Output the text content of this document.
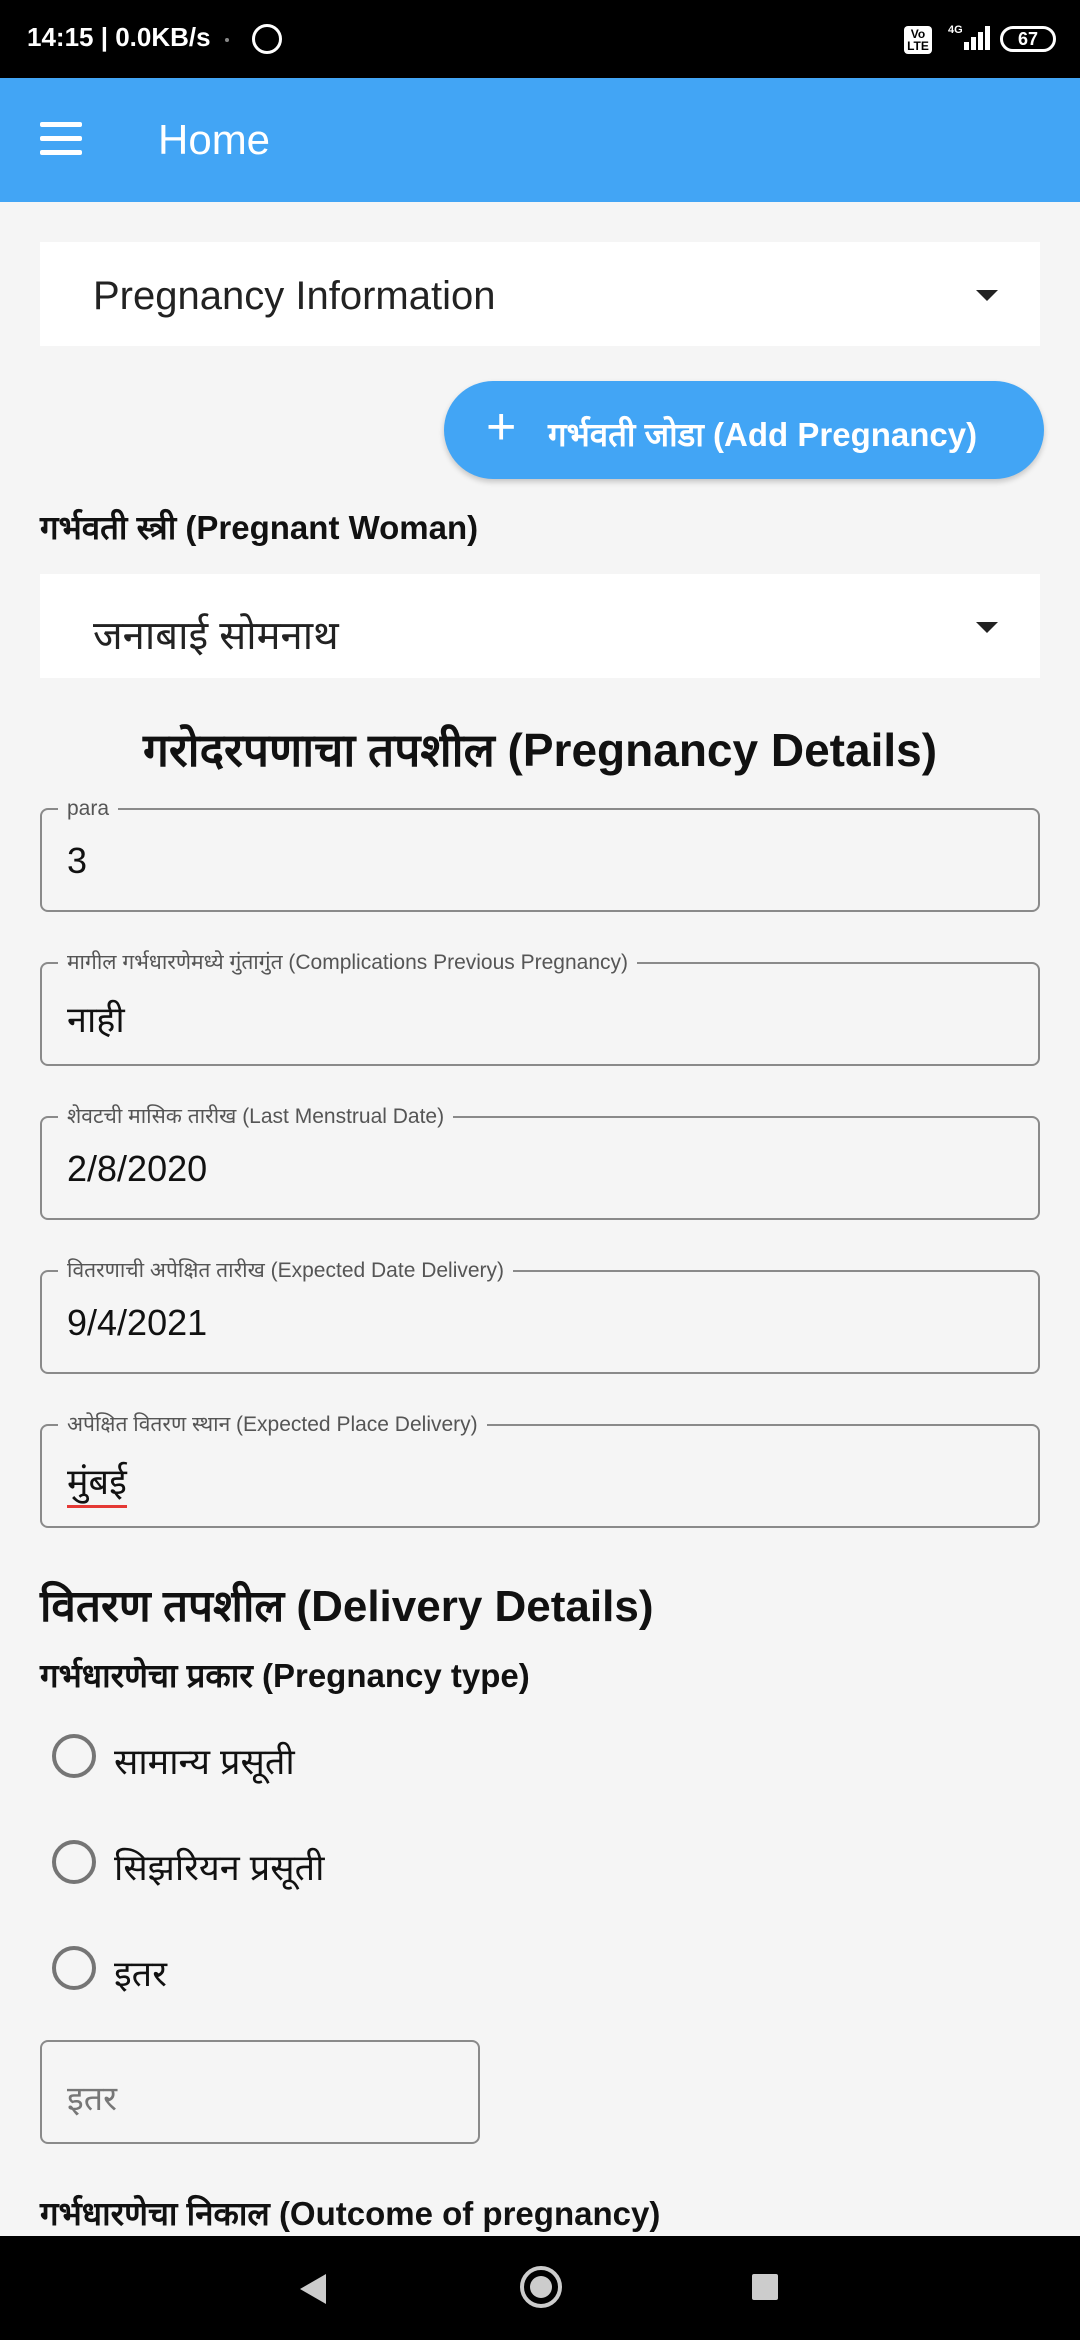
14:15 | 0.0KB/s	Vo LTE
4G	67
Home
Pregnancy Information
+ गर्भवती जोडा (Add Pregnancy)
गर्भवती स्त्री (Pregnant Woman)
जनाबाई सोमनाथ
गरोदरपणाचा तपशील (Pregnancy Details)
para
3
मागील गर्भधारणेमध्ये गुंतागुंत (Complications Previous Pregnancy)
नाही
शेवटची मासिक तारीख (Last Menstrual Date)
2/8/2020
वितरणाची अपेक्षित तारीख (Expected Date Delivery)
9/4/2021
अपेक्षित वितरण स्थान (Expected Place Delivery)
मुंबई
वितरण तपशील (Delivery Details)
गर्भधारणेचा प्रकार (Pregnancy type)
सामान्य प्रसूती
सिझरियन प्रसूती
इतर
इतर
गर्भधारणेचा निकाल (Outcome of pregnancy)
